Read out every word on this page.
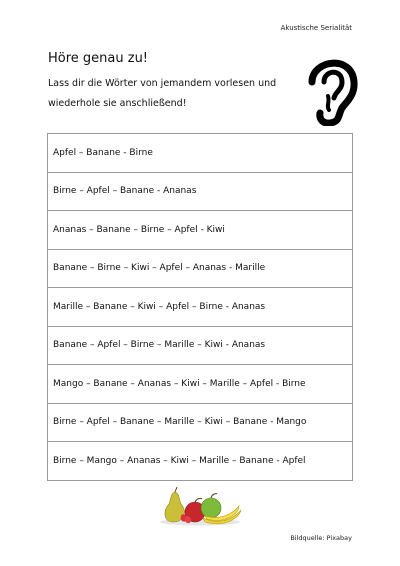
Akustische Serialität
Höre genau zu!
Lass dir die Wörter von jemandem vorlesen und wiederhole sie anschließend!
Apfel – Banane - Birne
Birne – Apfel – Banane - Ananas
Ananas – Banane – Birne – Apfel - Kiwi
Banane – Birne – Kiwi – Apfel – Ananas - Marille
Marille – Banane – Kiwi – Apfel – Birne - Ananas
Banane – Apfel – Birne – Marille – Kiwi - Ananas
Mango – Banane – Ananas – Kiwi – Marille – Apfel - Birne
Birne – Apfel – Banane – Marille – Kiwi – Banane - Mango
Birne – Mango – Ananas – Kiwi – Marille – Banane - Apfel
Bildquelle: Pixabay
